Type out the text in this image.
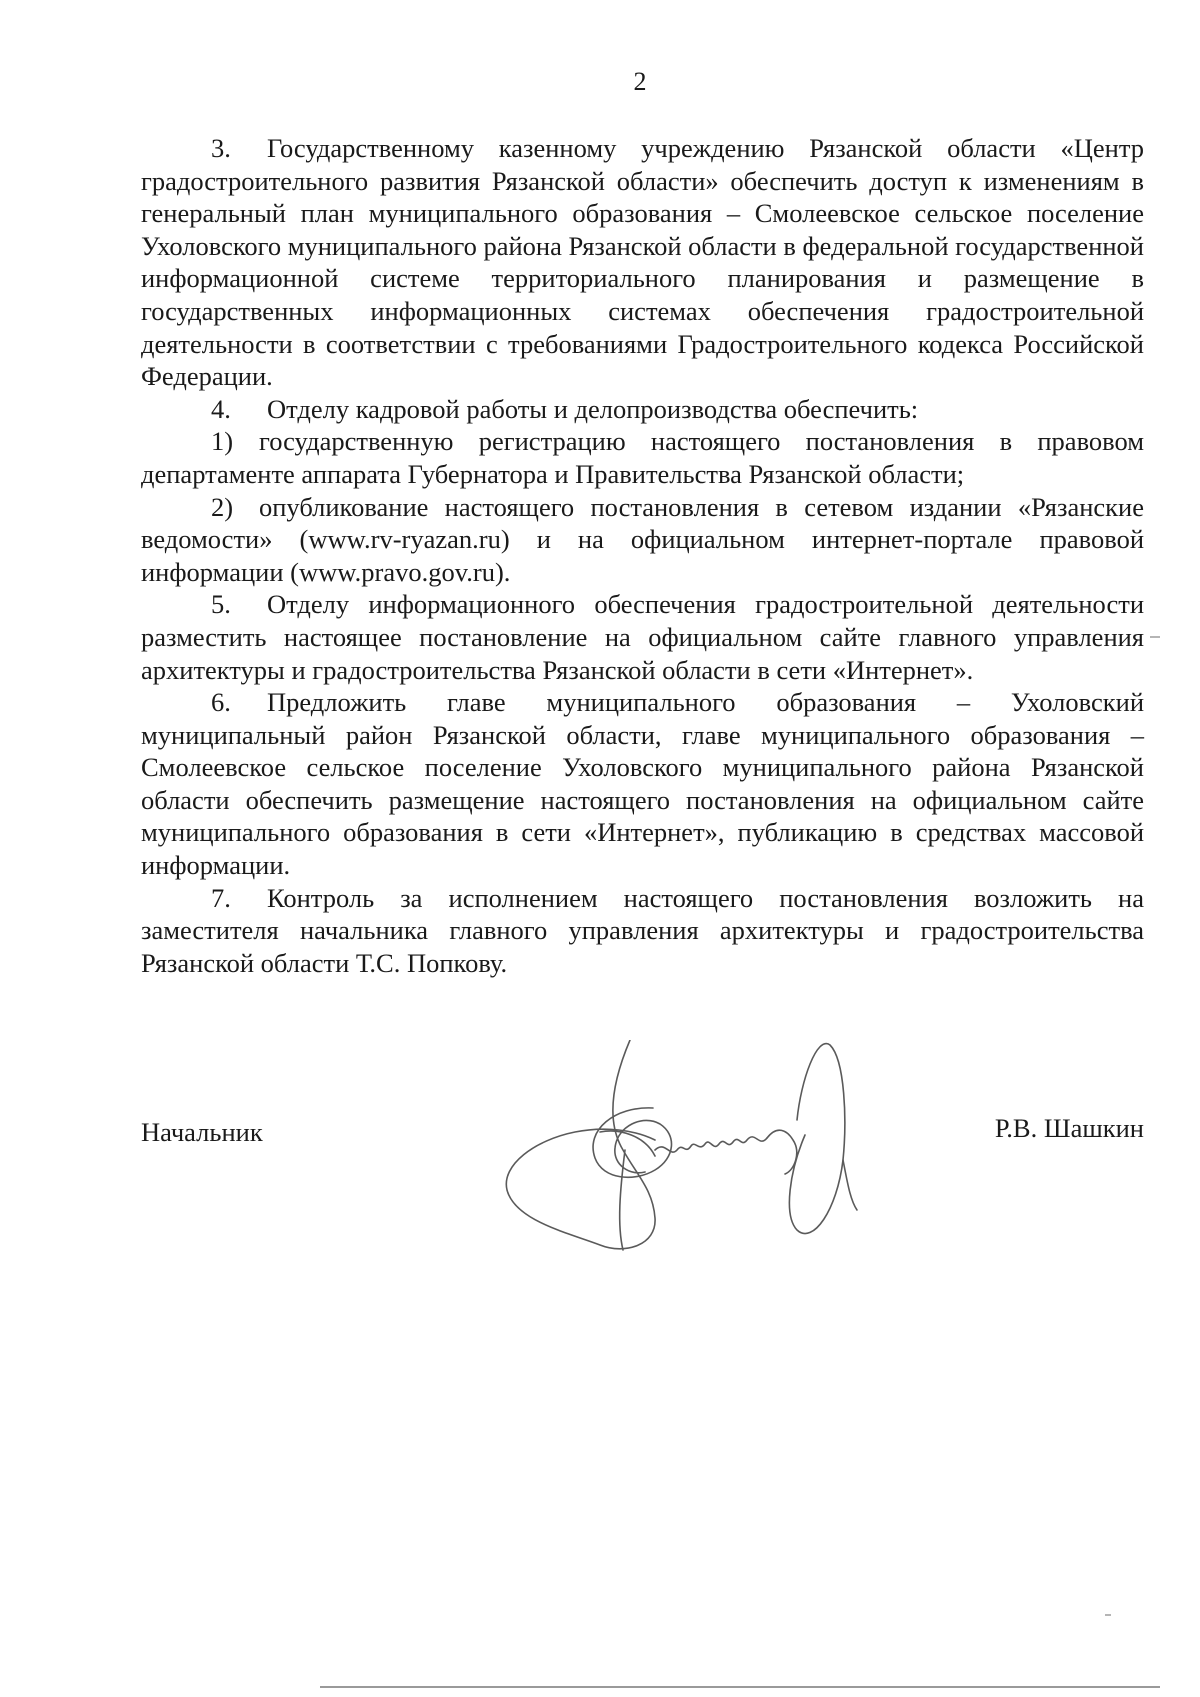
2

3. Государственному казенному учреждению Рязанской области «Центр градостроительного развития Рязанской области» обеспечить доступ к изменениям в генеральный план муниципального образования – Смолеевское сельское поселение Ухоловского муниципального района Рязанской области в федеральной государственной информационной системе территориального планирования и размещение в государственных информационных системах обеспечения градостроительной деятельности в соответствии с требованиями Градостроительного кодекса Российской Федерации.

4. Отделу кадровой работы и делопроизводства обеспечить:

1) государственную регистрацию настоящего постановления в правовом департаменте аппарата Губернатора и Правительства Рязанской области;

2) опубликование настоящего постановления в сетевом издании «Рязанские ведомости» (www.rv-ryazan.ru) и на официальном интернет-портале правовой информации (www.pravo.gov.ru).

5. Отделу информационного обеспечения градостроительной деятельности разместить настоящее постановление на официальном сайте главного управления архитектуры и градостроительства Рязанской области в сети «Интернет».

6. Предложить главе муниципального образования – Ухоловский муниципальный район Рязанской области, главе муниципального образования – Смолеевское сельское поселение Ухоловского муниципального района Рязанской области обеспечить размещение настоящего постановления на официальном сайте муниципального образования в сети «Интернет», публикацию в средствах массовой информации.

7. Контроль за исполнением настоящего постановления возложить на заместителя начальника главного управления архитектуры и градостроительства Рязанской области Т.С. Попкову.

Начальник	Р.В. Шашкин
